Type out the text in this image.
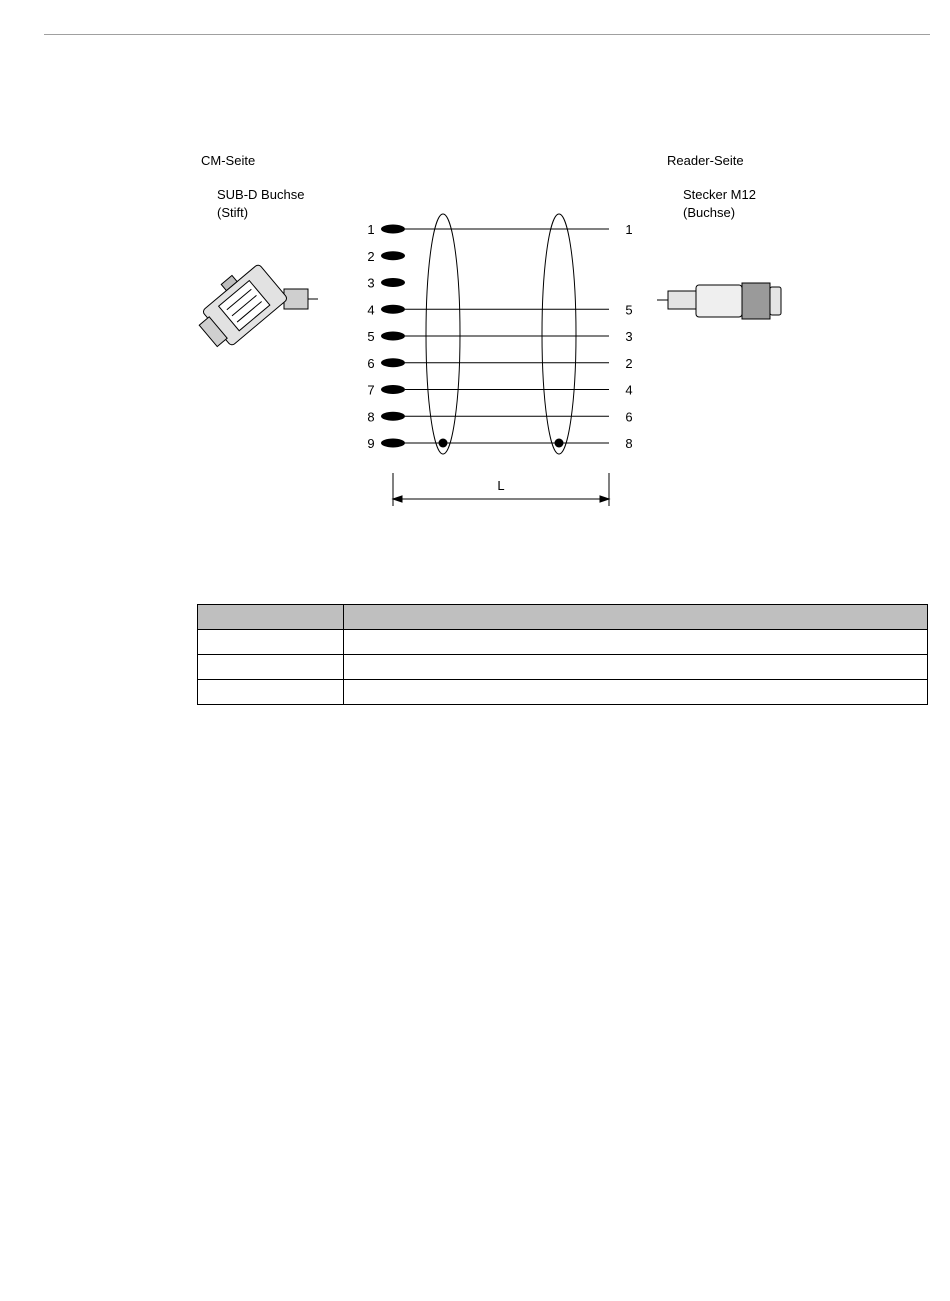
CM-Seite
SUB-D Buchse
(Stift)
Reader-Seite
Stecker M12
(Buchse)
1
2
3
4
5
6
7
8
9
1
5
3
2
4
6
8
L
